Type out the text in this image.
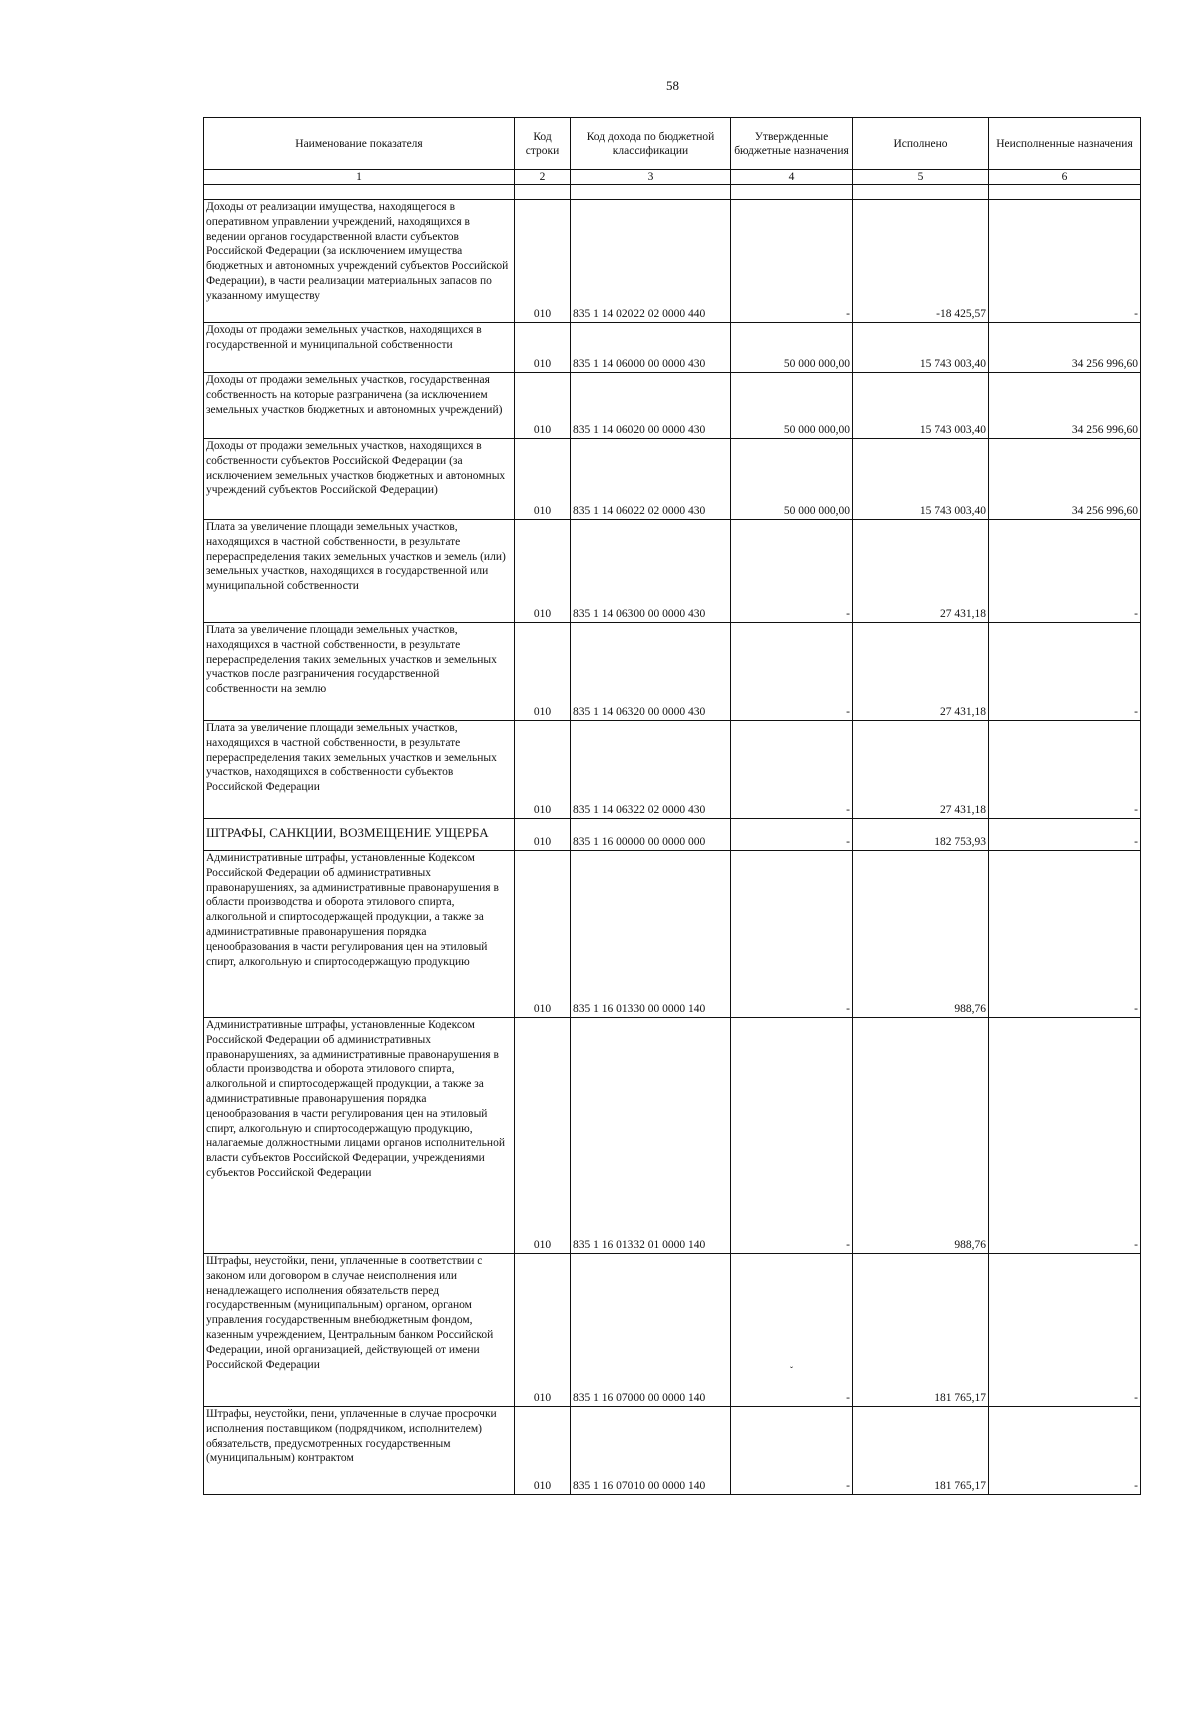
58
Наименование показателя	Код строки	Код дохода по бюджетной классификации	Утвержденные бюджетные назначения	Исполнено	Неисполненные назначения
1	2	3	4	5	6

Доходы от реализации имущества, находящегося в оперативном управлении учреждений, находящихся в ведении органов государственной власти субъектов Российской Федерации (за исключением имущества бюджетных и автономных учреждений субъектов Российской Федерации), в части реализации материальных запасов по указанному имуществу	010	835 1 14 02022 02 0000 440	-	-18 425,57	-
Доходы от продажи земельных участков, находящихся в государственной и муниципальной собственности	010	835 1 14 06000 00 0000 430	50 000 000,00	15 743 003,40	34 256 996,60
Доходы от продажи земельных участков, государственная собственность на которые разграничена (за исключением земельных участков бюджетных и автономных учреждений)	010	835 1 14 06020 00 0000 430	50 000 000,00	15 743 003,40	34 256 996,60
Доходы от продажи земельных участков, находящихся в собственности субъектов Российской Федерации (за исключением земельных участков бюджетных и автономных учреждений субъектов Российской Федерации)	010	835 1 14 06022 02 0000 430	50 000 000,00	15 743 003,40	34 256 996,60
Плата за увеличение площади земельных участков, находящихся в частной собственности, в результате перераспределения таких земельных участков и земель (или) земельных участков, находящихся в государственной или муниципальной собственности	010	835 1 14 06300 00 0000 430	-	27 431,18	-
Плата за увеличение площади земельных участков, находящихся в частной собственности, в результате перераспределения таких земельных участков и земельных участков после разграничения государственной собственности на землю	010	835 1 14 06320 00 0000 430	-	27 431,18	-
Плата за увеличение площади земельных участков, находящихся в частной собственности, в результате перераспределения таких земельных участков и земельных участков, находящихся в собственности субъектов Российской Федерации	010	835 1 14 06322 02 0000 430	-	27 431,18	-
ШТРАФЫ, САНКЦИИ, ВОЗМЕЩЕНИЕ УЩЕРБА	010	835 1 16 00000 00 0000 000	-	182 753,93	-
Административные штрафы, установленные Кодексом Российской Федерации об административных правонарушениях, за административные правонарушения в области производства и оборота этилового спирта, алкогольной и спиртосодержащей продукции, а также за административные правонарушения порядка ценообразования в части регулирования цен на этиловый спирт, алкогольную и спиртосодержащую продукцию	010	835 1 16 01330 00 0000 140	-	988,76	-
Административные штрафы, установленные Кодексом Российской Федерации об административных правонарушениях, за административные правонарушения в области производства и оборота этилового спирта, алкогольной и спиртосодержащей продукции, а также за административные правонарушения порядка ценообразования в части регулирования цен на этиловый спирт, алкогольную и спиртосодержащую продукцию, налагаемые должностными лицами органов исполнительной власти субъектов Российской Федерации, учреждениями субъектов Российской Федерации	010	835 1 16 01332 01 0000 140	-	988,76	-
Штрафы, неустойки, пени, уплаченные в соответствии с законом или договором в случае неисполнения или ненадлежащего исполнения обязательств перед государственным (муниципальным) органом, органом управления государственным внебюджетным фондом, казенным учреждением, Центральным банком Российской Федерации, иной организацией, действующей от имени Российской Федерации	010	835 1 16 07000 00 0000 140	-	181 765,17	-
Штрафы, неустойки, пени, уплаченные в случае просрочки исполнения поставщиком (подрядчиком, исполнителем) обязательств, предусмотренных государственным (муниципальным) контрактом	010	835 1 16 07010 00 0000 140	-	181 765,17	-
ˇ
